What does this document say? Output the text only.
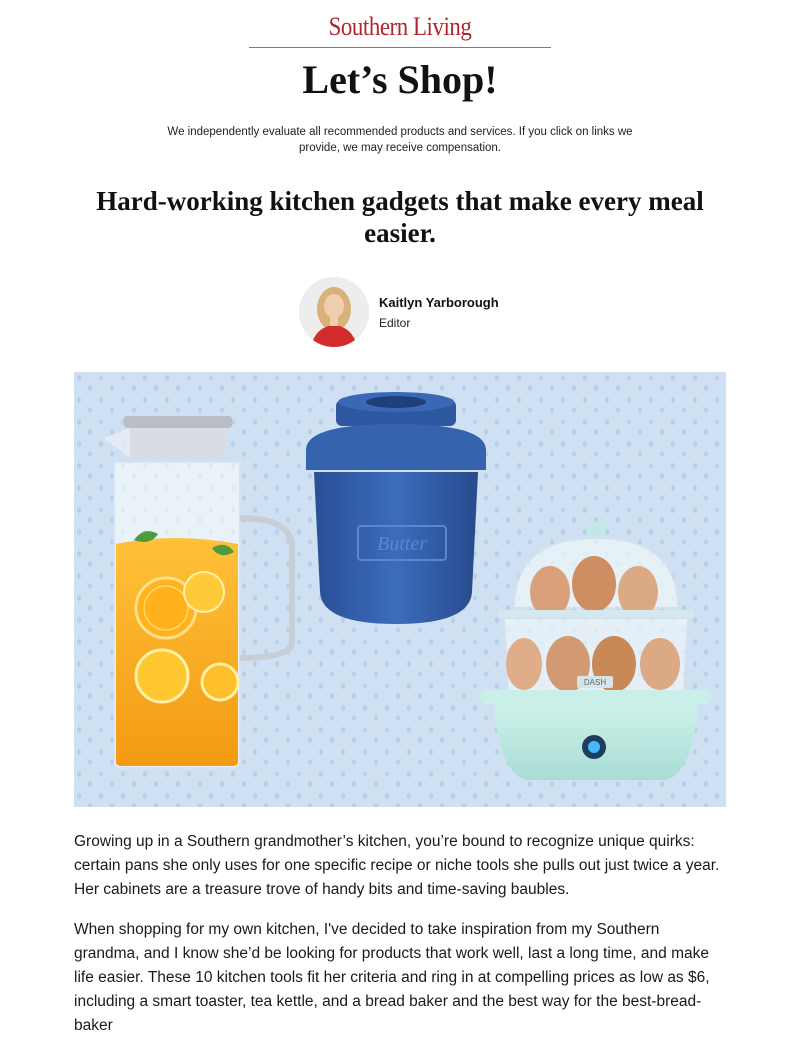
Southern Living
Let’s Shop!
We independently evaluate all recommended products and services. If you click on links we provide, we may receive compensation.
Hard-working kitchen gadgets that make every meal easier.
Kaitlyn Yarborough
Editor
Butter
DASH

Growing up in a Southern grandmother’s kitchen, you’re bound to recognize unique quirks: certain pans she only uses for one specific recipe or niche tools she pulls out just twice a year. Her cabinets are a treasure trove of handy bits and time-saving baubles.

When shopping for my own kitchen, I've decided to take inspiration from my Southern grandma, and I know she’d be looking for products that work well, last a long time, and make life easier. These 10 kitchen tools fit her criteria and ring in at compelling prices as low as $6, including a smart toaster, tea kettle, and a bread baker and the best way for the best-bread-baker
